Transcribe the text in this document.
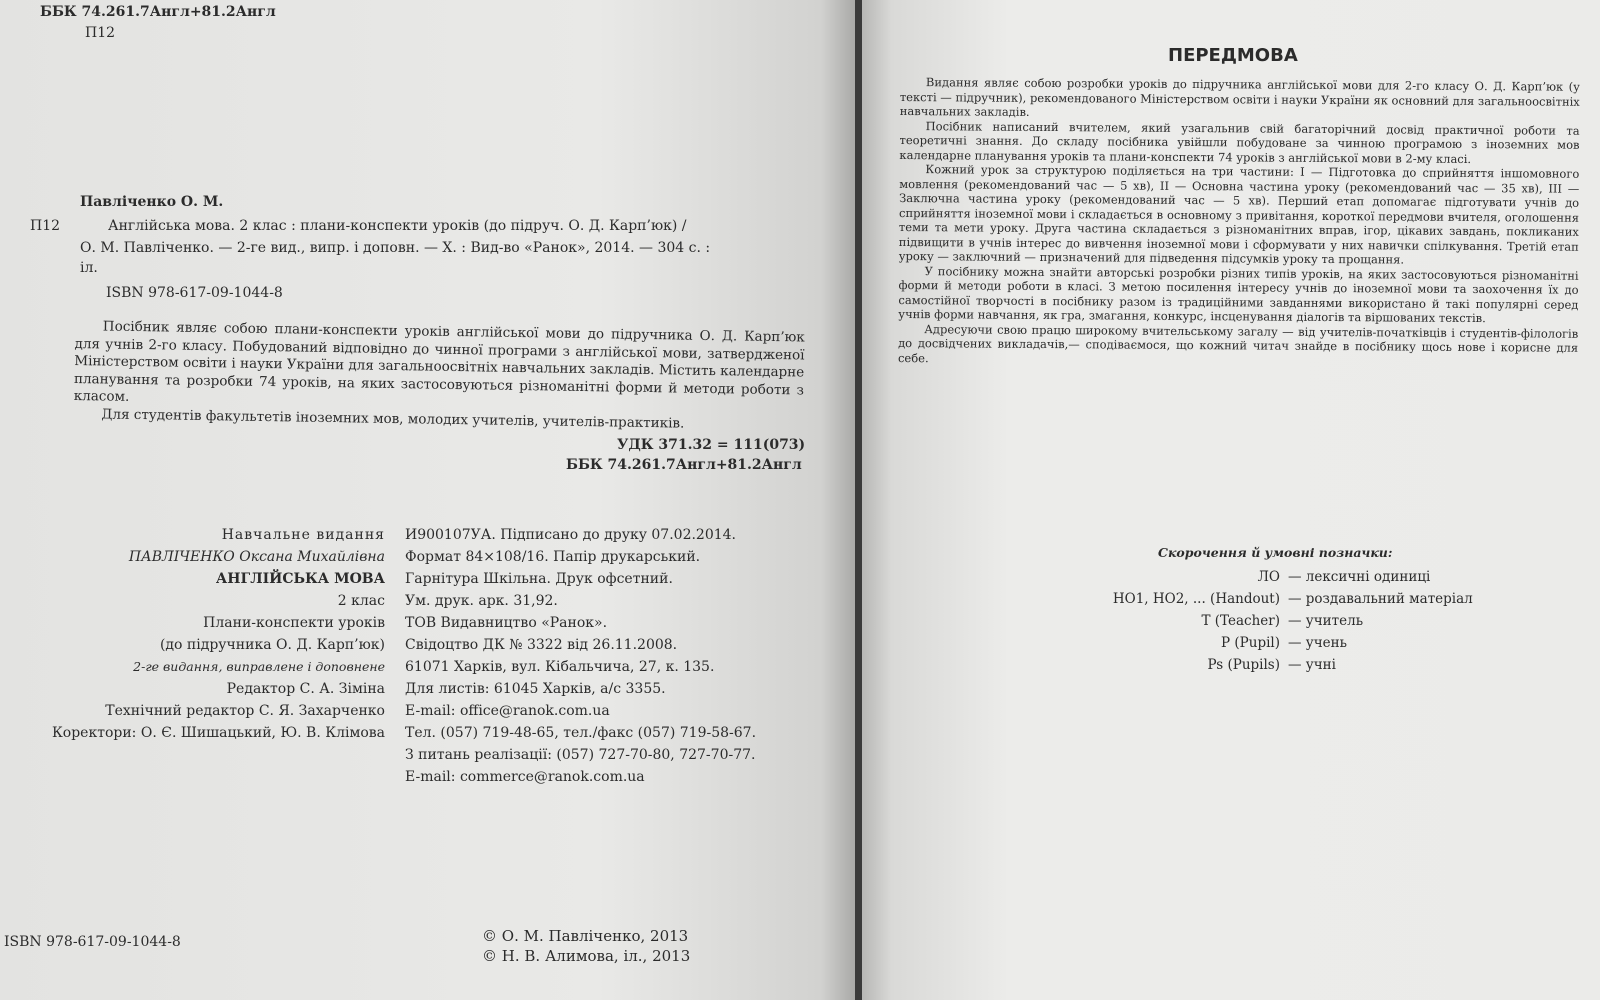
ББК 74.261.7Англ+81.2Англ
П12
Павліченко О. М.
П12	Англійська мова. 2 клас : плани-конспекти уроків (до підруч. О. Д. Карп’юк) /
О. М. Павліченко. — 2-ге вид., випр. і доповн. — Х. : Вид-во «Ранок», 2014. — 304 с. :
іл.
ISBN 978-617-09-1044-8

Посібник являє собою плани-конспекти уроків англійської мови до підручника О. Д. Карп’юк для учнів 2-го класу. Побудований відповідно до чинної програми з англійської мови, затвердженої Міністерством освіти і науки України для загальноосвітніх навчальних закладів. Містить календарне планування та розробки 74 уроків, на яких застосовуються різноманітні форми й методи роботи з класом.

Для студентів факультетів іноземних мов, молодих учителів, учителів-практиків.

УДК 371.32 = 111(073)
ББК 74.261.7Англ+81.2Англ
Навчальне видання
ПАВЛІЧЕНКО Оксана Михайлівна
АНГЛІЙСЬКА МОВА
2 клас
Плани-конспекти уроків
(до підручника О. Д. Карп’юк)
2-ге видання, виправлене і доповнене
Редактор С. А. Зіміна
Технічний редактор С. Я. Захарченко
Коректори: О. Є. Шишацький, Ю. В. Клімова
И900107УА. Підписано до друку 07.02.2014.
Формат 84×108/16. Папір друкарський.
Гарнітура Шкільна. Друк офсетний.
Ум. друк. арк. 31,92.
ТОВ Видавництво «Ранок».
Свідоцтво ДК № 3322 від 26.11.2008.
61071 Харків, вул. Кібальчича, 27, к. 135.
Для листів: 61045 Харків, а/с 3355.
E-mail: office@ranok.com.ua
Тел. (057) 719-48-65, тел./факс (057) 719-58-67.
З питань реалізації: (057) 727-70-80, 727-70-77.
E-mail: commerce@ranok.com.ua
ISBN 978-617-09-1044-8	© О. М. Павліченко, 2013
© Н. В. Алимова, іл., 2013
ПЕРЕДМОВА

Видання являє собою розробки уроків до підручника англійської мови для 2-го класу О. Д. Карп’юк (у тексті — підручник), рекомендованого Міністерством освіти і науки України як основний для загальноосвітніх навчальних закладів.

Посібник написаний вчителем, який узагальнив свій багаторічний досвід практичної роботи та теоретичні знання. До складу посібника увійшли побудоване за чинною програмою з іноземних мов календарне планування уроків та плани-конспекти 74 уроків з англійської мови в 2-му класі.

Кожний урок за структурою поділяється на три частини: І — Підготовка до сприйняття іншомовного мовлення (рекомендований час — 5 хв), ІІ — Основна частина уроку (рекомендований час — 35 хв), ІІІ — Заключна частина уроку (рекомендований час — 5 хв). Перший етап допомагає підготувати учнів до сприйняття іноземної мови і складається в основному з привітання, короткої передмови вчителя, оголошення теми та мети уроку. Друга частина складається з різноманітних вправ, ігор, цікавих завдань, покликаних підвищити в учнів інтерес до вивчення іноземної мови і сформувати у них навички спілкування. Третій етап уроку — заключний — призначений для підведення підсумків уроку та прощання.

У посібнику можна знайти авторські розробки різних типів уроків, на яких застосовуються різноманітні форми й методи роботи в класі. З метою посилення інтересу учнів до іноземної мови та заохочення їх до самостійної творчості в посібнику разом із традиційними завданнями використано й такі популярні серед учнів форми навчання, як гра, змагання, конкурс, інсценування діалогів та віршованих текстів.

Адресуючи свою працю широкому вчительському загалу — від учителів-початківців і студентів-філологів до досвідчених викладачів,— сподіваємося, що кожний читач знайде в посібнику щось нове і корисне для себе.

Скорочення й умовні позначки:
ЛО — лексичні одиниці
HO1, HO2, ... (Handout) — роздавальний матеріал
T (Teacher) — учитель
P (Pupil) — учень
Ps (Pupils) — учні
